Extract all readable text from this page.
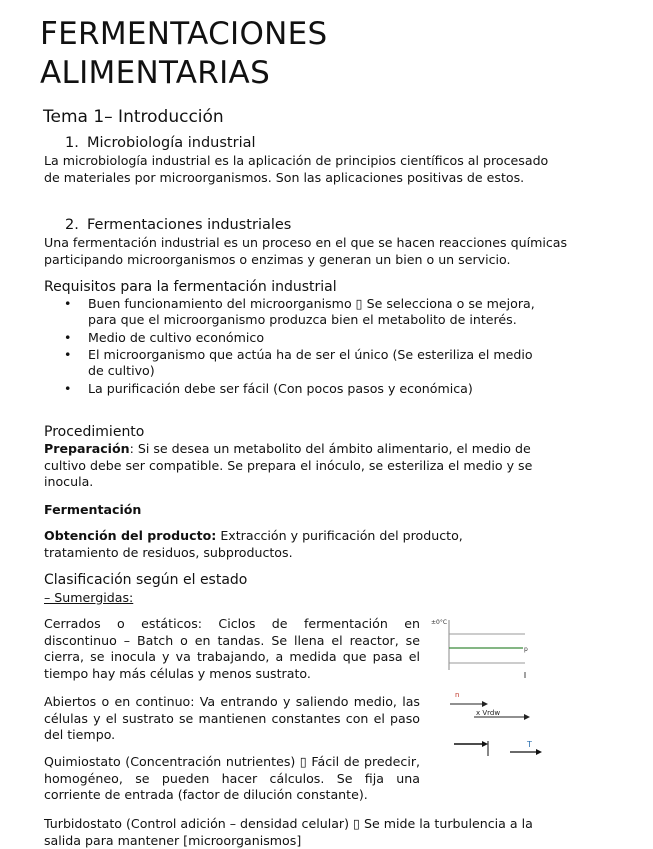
FERMENTACIONES
ALIMENTARIAS
Tema 1– Introducción
1. Microbiología industrial

La microbiología industrial es la aplicación de principios científicos al procesado de materiales por microorganismos. Son las aplicaciones positivas de estos.

2. Fermentaciones industriales

Una fermentación industrial es un proceso en el que se hacen reacciones químicas participando microorganismos o enzimas y generan un bien o un servicio.

Requisitos para la fermentación industrial
• Buen funcionamiento del microorganismo ▯ Se selecciona o se mejora, para que el microorganismo produzca bien el metabolito de interés.
• Medio de cultivo económico
• El microorganismo que actúa ha de ser el único (Se esteriliza el medio de cultivo)
• La purificación debe ser fácil (Con pocos pasos y económica)
Procedimiento

Preparación: Si se desea un metabolito del ámbito alimentario, el medio de cultivo debe ser compatible. Se prepara el inóculo, se esteriliza el medio y se inocula.

Fermentación

Obtención del producto: Extracción y purificación del producto, tratamiento de residuos, subproductos.

Clasificación según el estado

– Sumergidas:

Cerrados o estáticos: Ciclos de fermentación en discontinuo – Batch o en tandas. Se llena el reactor, se cierra, se inocula y va trabajando, a medida que pasa el tiempo hay más células y menos sustrato.

Abiertos o en continuo: Va entrando y saliendo medio, las células y el sustrato se mantienen constantes con el paso del tiempo.

Quimiostato (Concentración nutrientes) ▯ Fácil de predecir, homogéneo, se pueden hacer cálculos. Se fija una corriente de entrada (factor de dilución constante).

Turbidostato (Control adición – densidad celular) ▯ Se mide la turbulencia a la salida para mantener [microorganismos]

±0°C
p
n
x Vrdw
T
